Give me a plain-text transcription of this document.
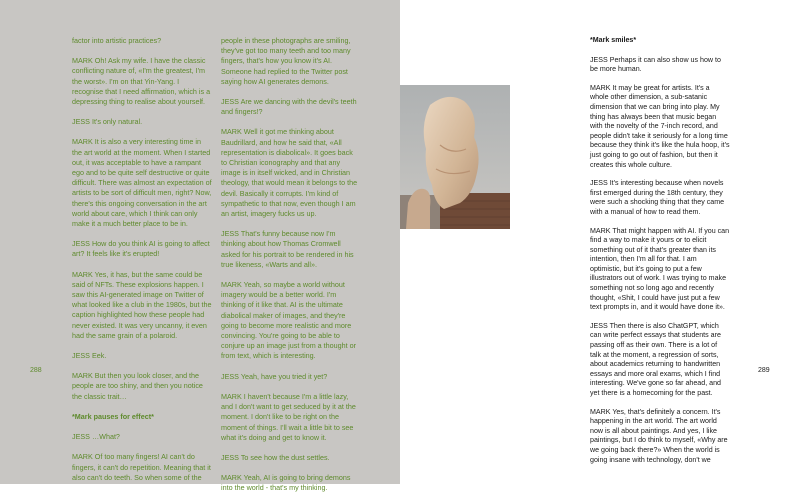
factor into artistic practices?

MARK Oh! Ask my wife. I have the classic conflicting nature of, «I'm the greatest, I'm the worst». I'm on that Yin-Yang. I recognise that I need affirmation, which is a depressing thing to realise about yourself.

JESS It's only natural.

MARK It is also a very interesting time in the art world at the moment. When I started out, it was acceptable to have a rampant ego and to be quite self destructive or quite difficult. There was almost an expectation of artists to be sort of difficult men, right? Now, there's this ongoing conversation in the art world about care, which I think can only make it a much better place to be in.

JESS How do you think AI is going to affect art? It feels like it's erupted!

MARK Yes, it has, but the same could be said of NFTs. These explosions happen. I saw this AI-generated image on Twitter of what looked like a club in the 1980s, but the caption highlighted how these people had never existed. It was very uncanny, it even had the same grain of a polaroid.

JESS Eek.

MARK But then you look closer, and the people are too shiny, and then you notice the classic trait…

*Mark pauses for effect*

JESS …What?

MARK Of too many fingers! AI can't do fingers, it can't do repetition. Meaning that it also can't do teeth. So when some of the

people in these photographs are smiling, they've got too many teeth and too many fingers, that's how you know it's AI. Someone had replied to the Twitter post saying how AI generates demons.

JESS Are we dancing with the devil's teeth and fingers!?

MARK Well it got me thinking about Baudrillard, and how he said that, «All representation is diabolical». It goes back to Christian iconography and that any image is in itself wicked, and in Christian theology, that would mean it belongs to the devil. Basically it corrupts. I'm kind of sympathetic to that now, even though I am an artist, imagery fucks us up.

JESS That's funny because now I'm thinking about how Thomas Cromwell asked for his portrait to be rendered in his true likeness, «Warts and all».

MARK Yeah, so maybe a world without imagery would be a better world. I'm thinking of it like that. AI is the ultimate diabolical maker of images, and they're going to become more realistic and more convincing. You're going to be able to conjure up an image just from a thought or from text, which is interesting.

JESS Yeah, have you tried it yet?

MARK I haven't because I'm a little lazy, and I don't want to get seduced by it at the moment. I don't like to be right on the moment of things. I'll wait a little bit to see what it's doing and get to know it.

JESS To see how the dust settles.

MARK Yeah, AI is going to bring demons into the world - that's my thinking.

288

*Mark smiles*

JESS Perhaps it can also show us how to be more human.

MARK It may be great for artists. It's a whole other dimension, a sub-satanic dimension that we can bring into play. My thing has always been that music began with the novelty of the 7-inch record, and people didn't take it seriously for a long time because they think it's like the hula hoop, it's just going to go out of fashion, but then it creates this whole culture.

JESS It's interesting because when novels first emerged during the 18th century, they were such a shocking thing that they came with a manual of how to read them.

MARK That might happen with AI. If you can find a way to make it yours or to elicit something out of it that's greater than its intention, then I'm all for that. I am optimistic, but it's going to put a few illustrators out of work. I was trying to make something not so long ago and recently thought, «Shit, I could have just put a few text prompts in, and it would have done it».

JESS Then there is also ChatGPT, which can write perfect essays that students are passing off as their own. There is a lot of talk at the moment, a regression of sorts, about academics returning to handwritten essays and more oral exams, which I find interesting. We've gone so far ahead, and yet there is a homecoming for the past.

MARK Yes, that's definitely a concern. It's happening in the art world. The art world now is all about paintings. And yes, I like paintings, but I do think to myself, «Why are we going back there?» When the world is going insane with technology, don't we

289
